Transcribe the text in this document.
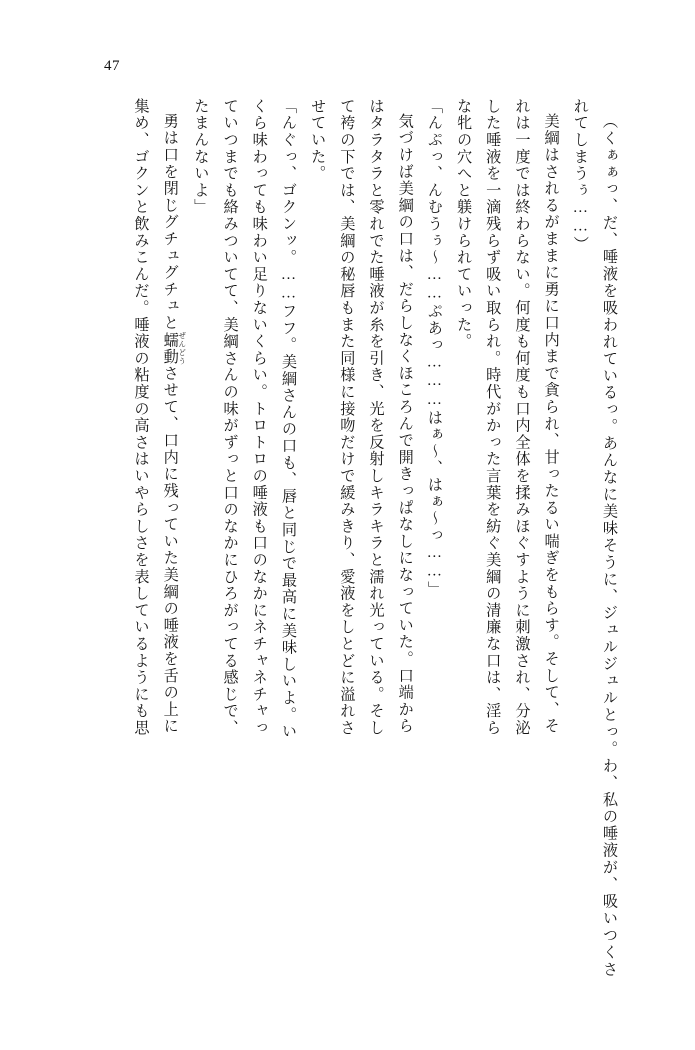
47

（くぁぁっ、だ、唾液を吸われているっ。あんなに美味そうに、ジュルジュルとっ。わ、私の唾液が、吸いつくされてしまうぅ……）

美綱はされるがままに勇に口内まで貪られ、甘ったるい喘ぎをもらす。そして、そ

れは一度では終わらない。何度も何度も口内全体を揉みほぐすように刺激され、分泌

した唾液を一滴残らず吸い取られ。時代がかった言葉を紡ぐ美綱の清廉な口は、淫ら

な牝の穴へと躾けられていった。

「んぷっ、んむうぅ〜……ぷあっ………はぁ〜、はぁ〜っ……」

気づけば美綱の口は、だらしなくほころんで開きっぱなしになっていた。口端から

はタラタラと零れでた唾液が糸を引き、光を反射しキラキラと濡れ光っている。そし

て袴の下では、美綱の秘唇もまた同様に接吻だけで緩みきり、愛液をしとどに溢れさ

せていた。

「んぐっ、ゴクンッ。……フフ。美綱さんの口も、唇と同じで最高に美味しいよ。い

くら味わっても味わい足りないくらい。トロトロの唾液も口のなかにネチャネチャっ

ていつまでも絡みついてて、美綱さんの味がずっと口のなかにひろがってる感じで、

たまんないよ」

勇は口を閉じグチュグチュと蠕動 ぜんどうさせて、口内に残っていた美綱の唾液を舌の上に

集め、ゴクンと飲みこんだ。唾液の粘度の高さはいやらしさを表しているようにも思
